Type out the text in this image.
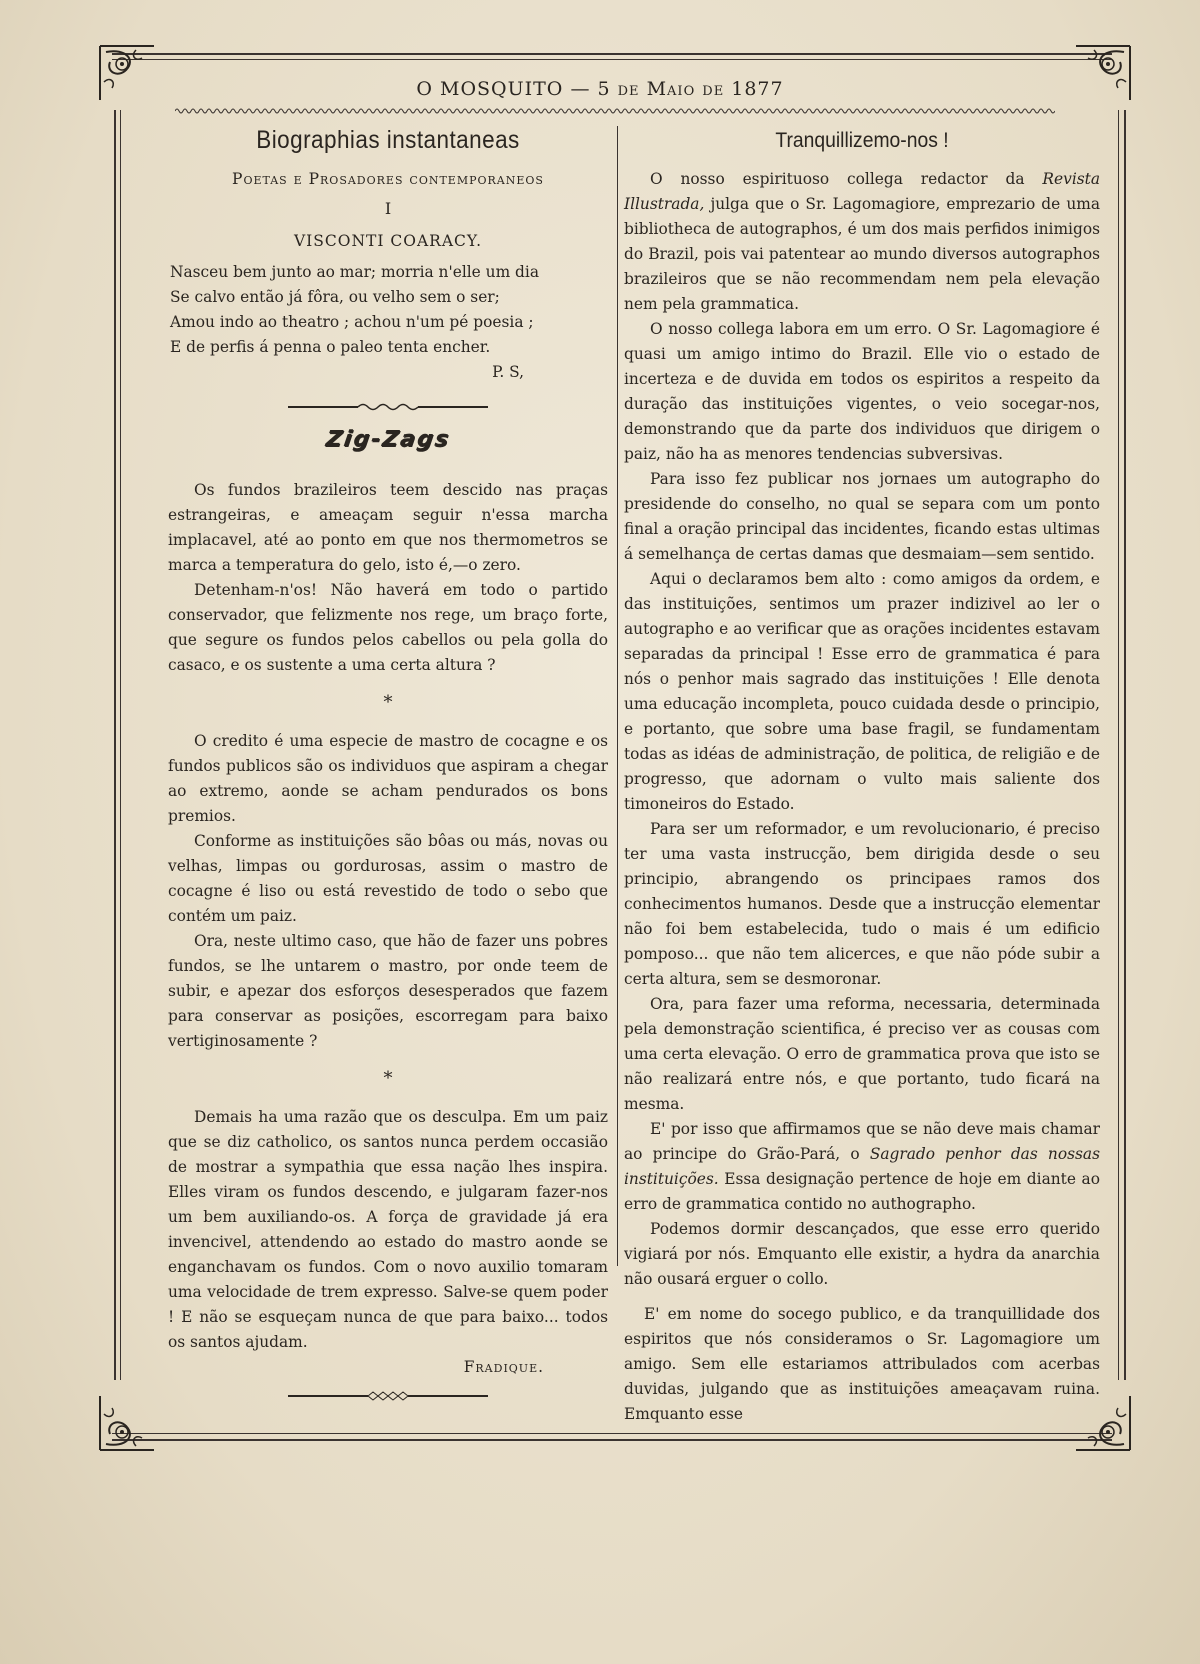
O MOSQUITO — 5 de Maio de 1877
Biographias instantaneas
Poetas e Prosadores contemporaneos
I
VISCONTI COARACY.
Nasceu bem junto ao mar; morria n'elle um dia
Se calvo então já fôra, ou velho sem o ser;
Amou indo ao theatro ; achou n'um pé poesia ;
E de perfis á penna o paleo tenta encher.
P. S,
Zig-Zags

Os fundos brazileiros teem descido nas praças estrangeiras, e ameaçam seguir n'essa marcha implacavel, até ao ponto em que nos thermometros se marca a temperatura do gelo, isto é,—o zero.

Detenham-n'os! Não haverá em todo o partido conservador, que felizmente nos rege, um braço forte, que segure os fundos pelos cabellos ou pela golla do casaco, e os sustente a uma certa altura ?

*

O credito é uma especie de mastro de cocagne e os fundos publicos são os individuos que aspiram a chegar ao extremo, aonde se acham pendurados os bons premios.

Conforme as instituições são bôas ou más, novas ou velhas, limpas ou gordurosas, assim o mastro de cocagne é liso ou está revestido de todo o sebo que contém um paiz.

Ora, neste ultimo caso, que hão de fazer uns pobres fundos, se lhe untarem o mastro, por onde teem de subir, e apezar dos esforços desesperados que fazem para conservar as posições, escorregam para baixo vertiginosamente ?

*

Demais ha uma razão que os desculpa. Em um paiz que se diz catholico, os santos nunca perdem occasião de mostrar a sympathia que essa nação lhes inspira. Elles viram os fundos descendo, e julgaram fazer-nos um bem auxiliando-os. A força de gravidade já era invencivel, attendendo ao estado do mastro aonde se enganchavam os fundos. Com o novo auxilio tomaram uma velocidade de trem expresso. Salve-se quem poder ! E não se esqueçam nunca de que para baixo... todos os santos ajudam.

Fradique.
Tranquillizemo-nos !

O nosso espirituoso collega redactor da Revista Illustrada, julga que o Sr. Lagomagiore, emprezario de uma bibliotheca de autographos, é um dos mais perfidos inimigos do Brazil, pois vai patentear ao mundo diversos autographos brazileiros que se não recommendam nem pela elevação nem pela grammatica.

O nosso collega labora em um erro. O Sr. Lagomagiore é quasi um amigo intimo do Brazil. Elle vio o estado de incerteza e de duvida em todos os espiritos a respeito da duração das instituições vigentes, o veio socegar-nos, demonstrando que da parte dos individuos que dirigem o paiz, não ha as menores tendencias subversivas.

Para isso fez publicar nos jornaes um autographo do presidende do conselho, no qual se separa com um ponto final a oração principal das incidentes, ficando estas ultimas á semelhança de certas damas que desmaiam—sem sentido.

Aqui o declaramos bem alto : como amigos da ordem, e das instituições, sentimos um prazer indizivel ao ler o autographo e ao verificar que as orações incidentes estavam separadas da principal ! Esse erro de grammatica é para nós o penhor mais sagrado das instituições ! Elle denota uma educação incompleta, pouco cuidada desde o principio, e portanto, que sobre uma base fragil, se fundamentam todas as idéas de administração, de politica, de religião e de progresso, que adornam o vulto mais saliente dos timoneiros do Estado.

Para ser um reformador, e um revolucionario, é preciso ter uma vasta instrucção, bem dirigida desde o seu principio, abrangendo os principaes ramos dos conhecimentos humanos. Desde que a instrucção elementar não foi bem estabelecida, tudo o mais é um edificio pomposo... que não tem alicerces, e que não póde subir a certa altura, sem se desmoronar.

Ora, para fazer uma reforma, necessaria, determinada pela demonstração scientifica, é preciso ver as cousas com uma certa elevação. O erro de grammatica prova que isto se não realizará entre nós, e que portanto, tudo ficará na mesma.

E' por isso que affirmamos que se não deve mais chamar ao principe do Grão-Pará, o Sagrado penhor das nossas instituições. Essa designação pertence de hoje em diante ao erro de grammatica contido no authographo.

Podemos dormir descançados, que esse erro querido vigiará por nós. Emquanto elle existir, a hydra da anarchia não ousará erguer o collo.

E' em nome do socego publico, e da tranquillidade dos espiritos que nós consideramos o Sr. Lagomagiore um amigo. Sem elle estariamos attribulados com acerbas duvidas, julgando que as instituições ameaçavam ruina. Emquanto esse
